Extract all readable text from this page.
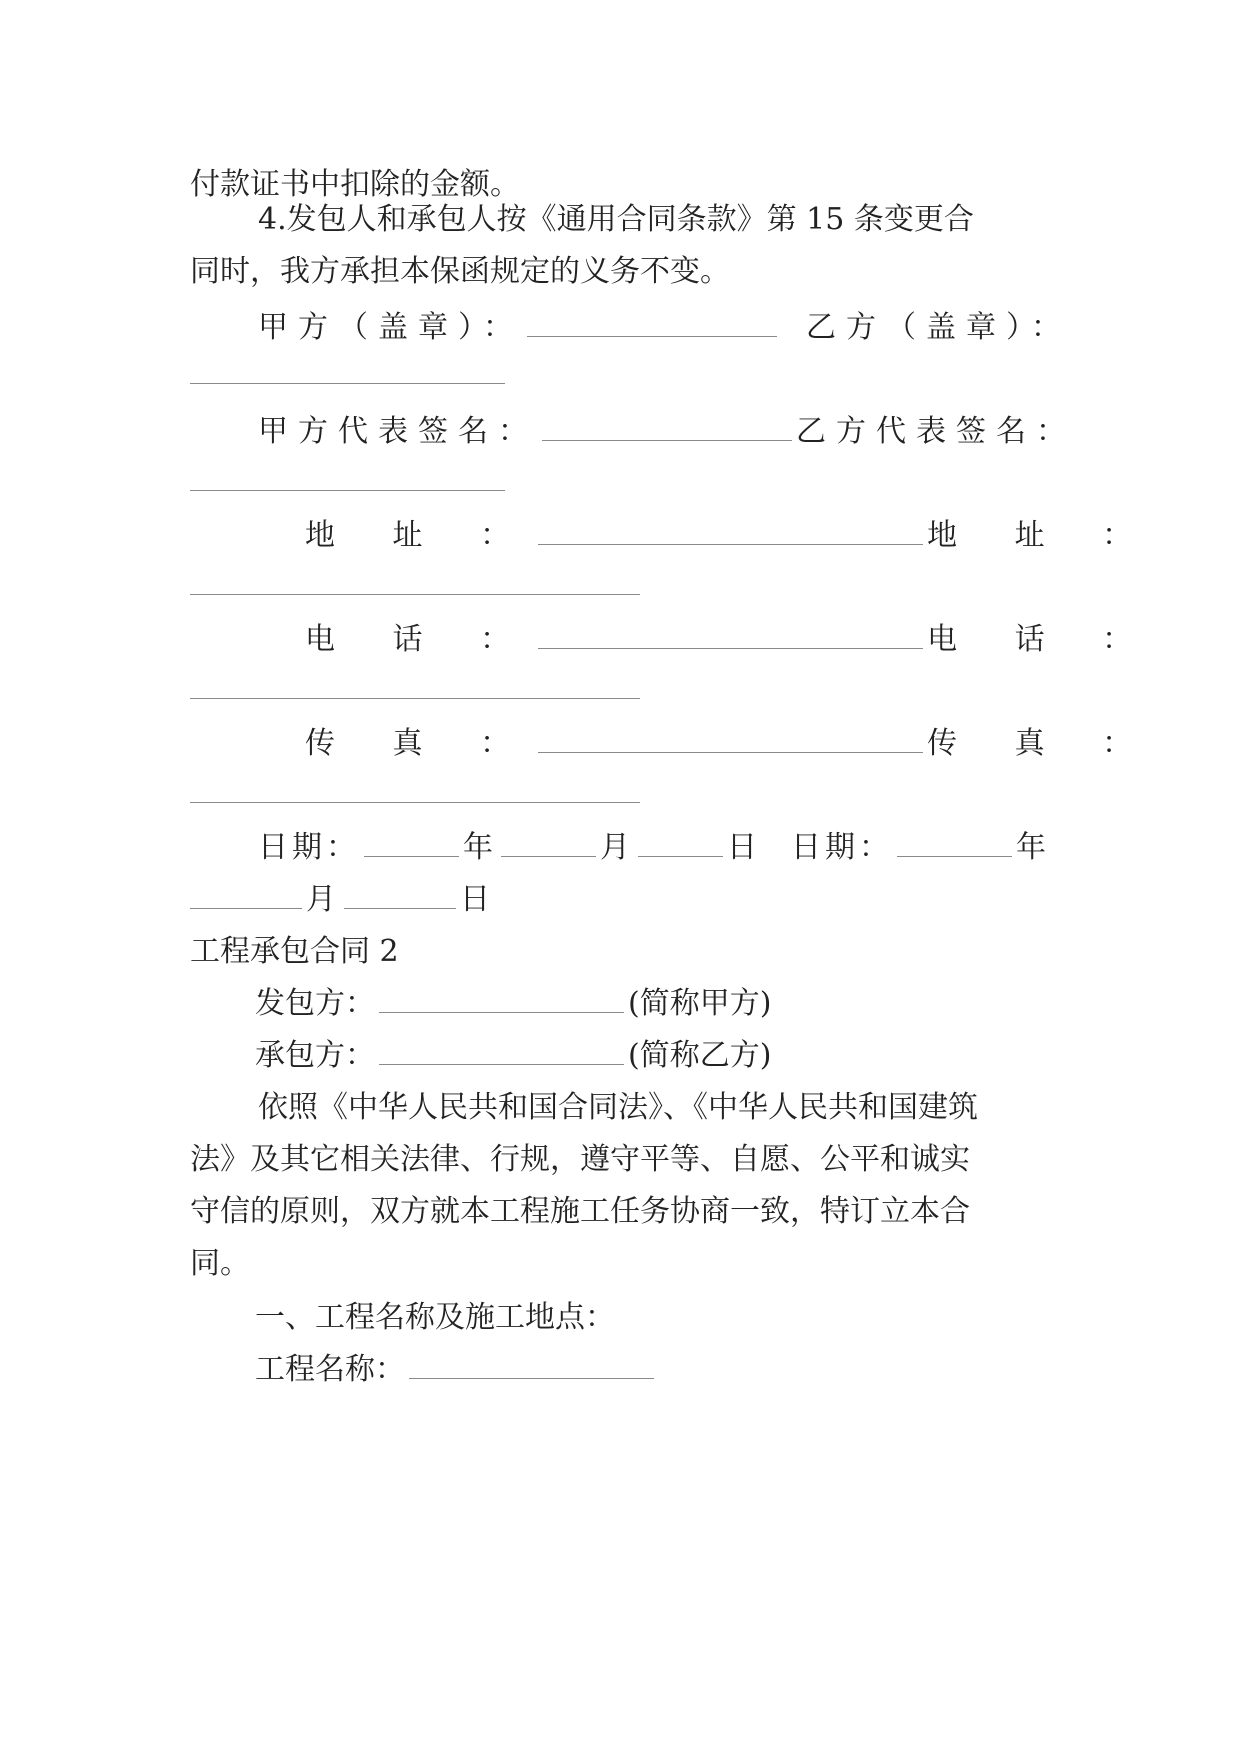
付款证书中扣除的金额。
4.发包人和承包人按《通用合同条款》第 15 条变更合
同时，我方承担本保函规定的义务不变。
甲方（盖章）：	乙方（盖章）：
甲方代表签名：	乙方代表签名：
地 址 ：	地 址 ：
电 话 ：	电 话 ：
传 真 ：	传 真 ：
日期：	年	月	日 日期：	年
月	日
工程承包合同 2
发包方：	(简称甲方)
承包方：	(简称乙方)
依照《中华人民共和国合同法》、《中华人民共和国建筑
法》及其它相关法律、行规，遵守平等、自愿、公平和诚实
守信的原则，双方就本工程施工任务协商一致，特订立本合
同。
一、工程名称及施工地点：
工程名称：
